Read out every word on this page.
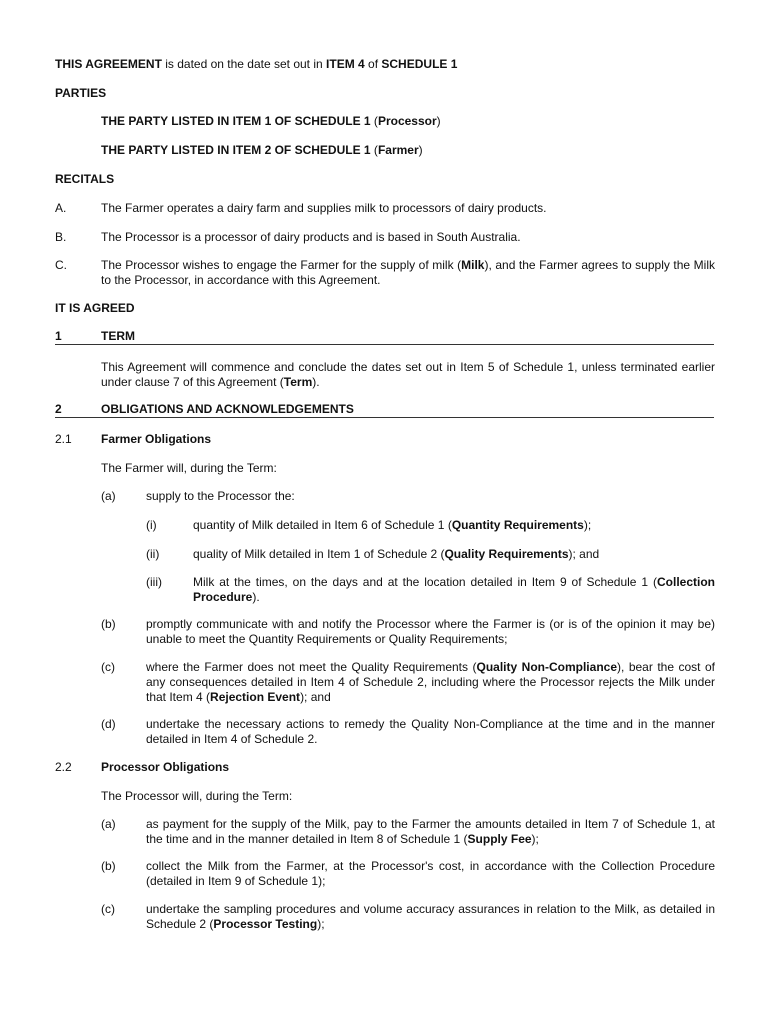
THIS AGREEMENT is dated on the date set out in ITEM 4 of SCHEDULE 1
PARTIES
THE PARTY LISTED IN ITEM 1 OF SCHEDULE 1 (Processor)
THE PARTY LISTED IN ITEM 2 OF SCHEDULE 1 (Farmer)
RECITALS
A.	The Farmer operates a dairy farm and supplies milk to processors of dairy products.
B.	The Processor is a processor of dairy products and is based in South Australia.
C.	The Processor wishes to engage the Farmer for the supply of milk (Milk), and the Farmer agrees to supply the Milk to the Processor, in accordance with this Agreement.
IT IS AGREED
1	TERM
This Agreement will commence and conclude the dates set out in Item 5 of Schedule 1, unless terminated earlier under clause 7 of this Agreement (Term).
2	OBLIGATIONS AND ACKNOWLEDGEMENTS
2.1 Farmer Obligations
The Farmer will, during the Term:
(a)	supply to the Processor the:
(i)	quantity of Milk detailed in Item 6 of Schedule 1 (Quantity Requirements);
(ii)	quality of Milk detailed in Item 1 of Schedule 2 (Quality Requirements); and
(iii)	Milk at the times, on the days and at the location detailed in Item 9 of Schedule 1 (Collection Procedure).
(b)	promptly communicate with and notify the Processor where the Farmer is (or is of the opinion it may be) unable to meet the Quantity Requirements or Quality Requirements;
(c)	where the Farmer does not meet the Quality Requirements (Quality Non-Compliance), bear the cost of any consequences detailed in Item 4 of Schedule 2, including where the Processor rejects the Milk under that Item 4 (Rejection Event); and
(d)	undertake the necessary actions to remedy the Quality Non-Compliance at the time and in the manner detailed in Item 4 of Schedule 2.
2.2 Processor Obligations
The Processor will, during the Term:
(a)	as payment for the supply of the Milk, pay to the Farmer the amounts detailed in Item 7 of Schedule 1, at the time and in the manner detailed in Item 8 of Schedule 1 (Supply Fee);
(b)	collect the Milk from the Farmer, at the Processor's cost, in accordance with the Collection Procedure (detailed in Item 9 of Schedule 1);
(c)	undertake the sampling procedures and volume accuracy assurances in relation to the Milk, as detailed in Schedule 2 (Processor Testing);
